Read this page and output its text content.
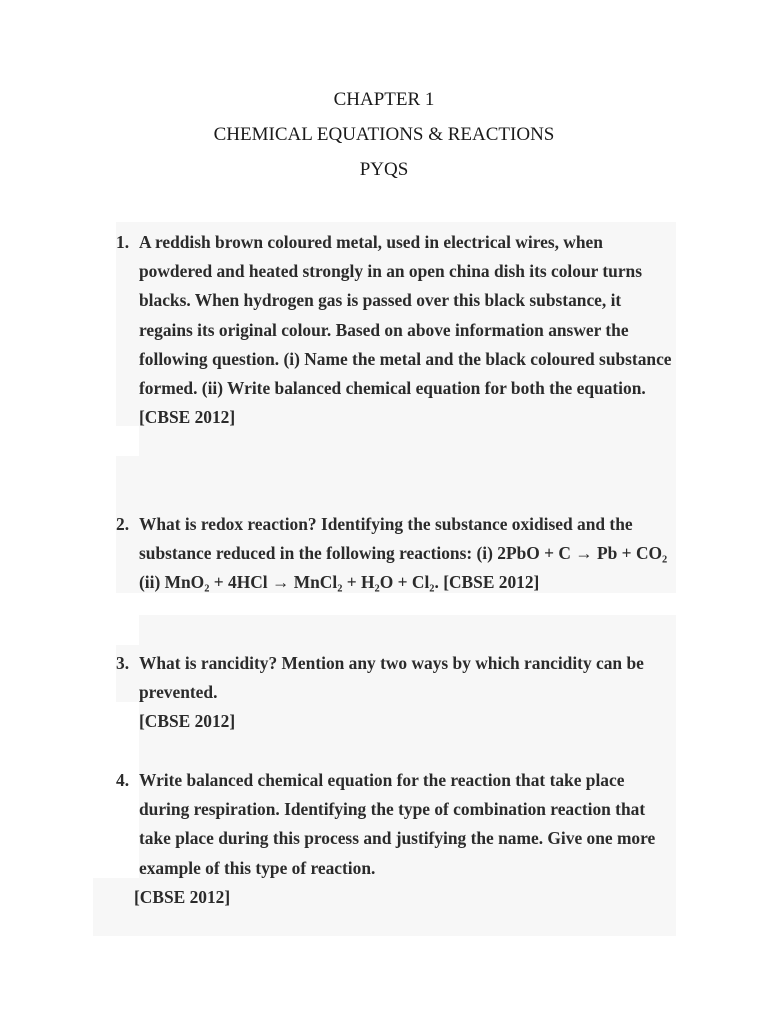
CHAPTER 1
CHEMICAL EQUATIONS & REACTIONS
PYQS
1. A reddish brown coloured metal, used in electrical wires, when powdered and heated strongly in an open china dish its colour turns blacks. When hydrogen gas is passed over this black substance, it regains its original colour. Based on above information answer the following question. (i) Name the metal and the black coloured substance formed. (ii) Write balanced chemical equation for both the equation.
[CBSE 2012]
2. What is redox reaction? Identifying the substance oxidised and the substance reduced in the following reactions: (i) 2PbO + C → Pb + CO₂ (ii) MnO₂ + 4HCl → MnCl₂ + H₂O + Cl₂. [CBSE 2012]
3. What is rancidity? Mention any two ways by which rancidity can be prevented.
[CBSE 2012]
4. Write balanced chemical equation for the reaction that take place during respiration. Identifying the type of combination reaction that take place during this process and justifying the name. Give one more example of this type of reaction.
[CBSE 2012]
